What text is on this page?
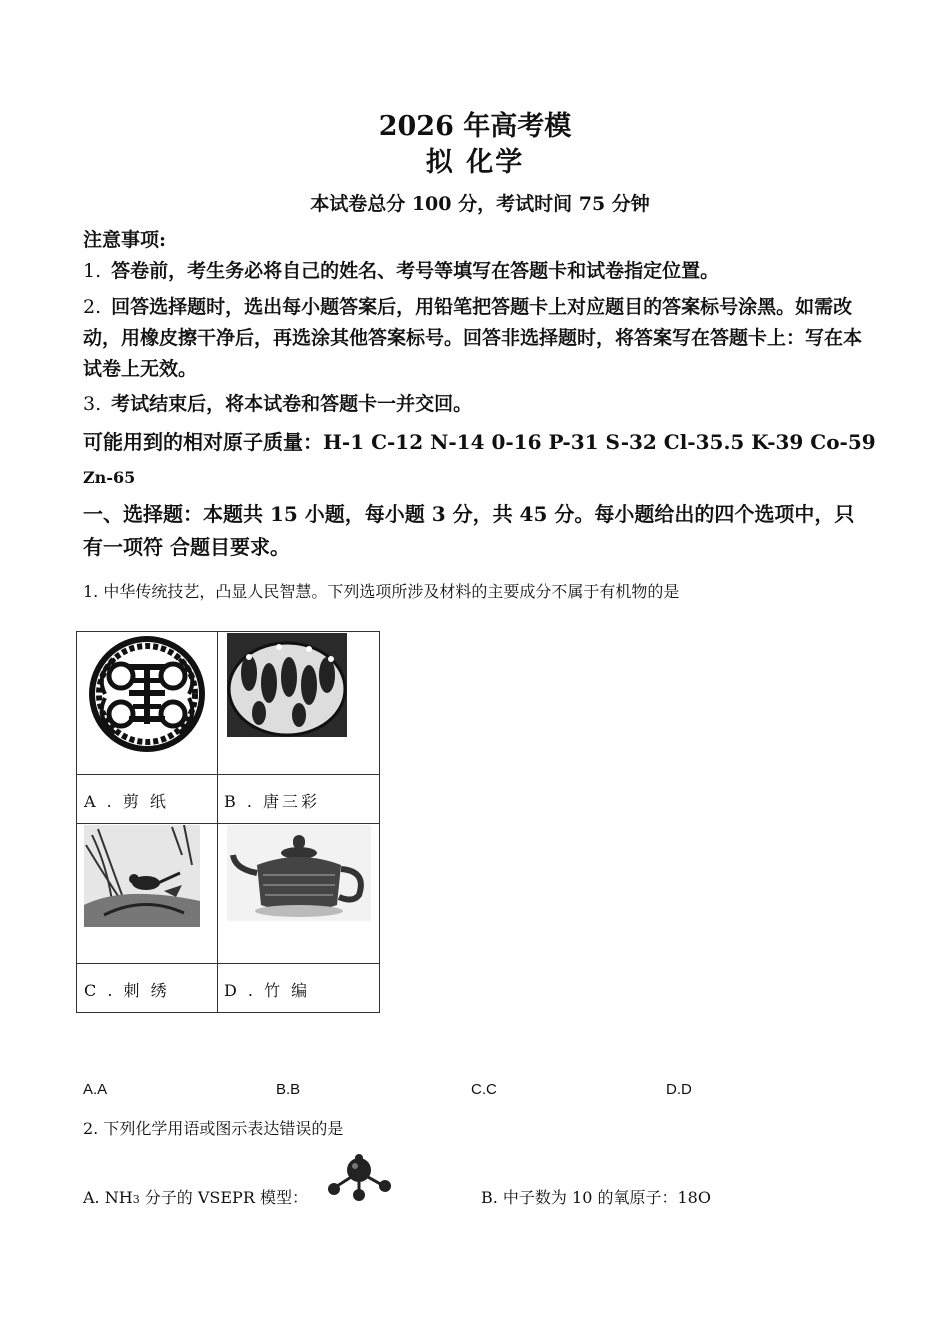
2026 年高考模
拟 化学
本试卷总分 100 分，考试时间 75 分钟
注意事项:
1. 答卷前，考生务必将自己的姓名、考号等填写在答题卡和试卷指定位置。
2. 回答选择题时，选出每小题答案后，用铅笔把答题卡上对应题目的答案标号涂黑。如需改动，用橡皮擦干净后，再选涂其他答案标号。回答非选择题时，将答案写在答题卡上：写在本试卷上无效。
3. 考试结束后，将本试卷和答题卡一并交回。
可能用到的相对原子质量：H-1 C-12 N-14 0-16 P-31 S-32 Cl-35.5 K-39 Co-59
Zn-65
一、选择题：本题共 15 小题，每小题 3 分，共 45 分。每小题给出的四个选项中，只有一项符 合题目要求。
1. 中华传统技艺，凸显人民智慧。下列选项所涉及材料的主要成分不属于有机物的是
A . 剪 纸	B . 唐三彩
C . 刺 绣	D . 竹 编
A.A	B.B	C.C	D.D
2. 下列化学用语或图示表达错误的是
A. NH3 分子的 VSEPR 模型：	B. 中子数为 10 的氧原子：18O
